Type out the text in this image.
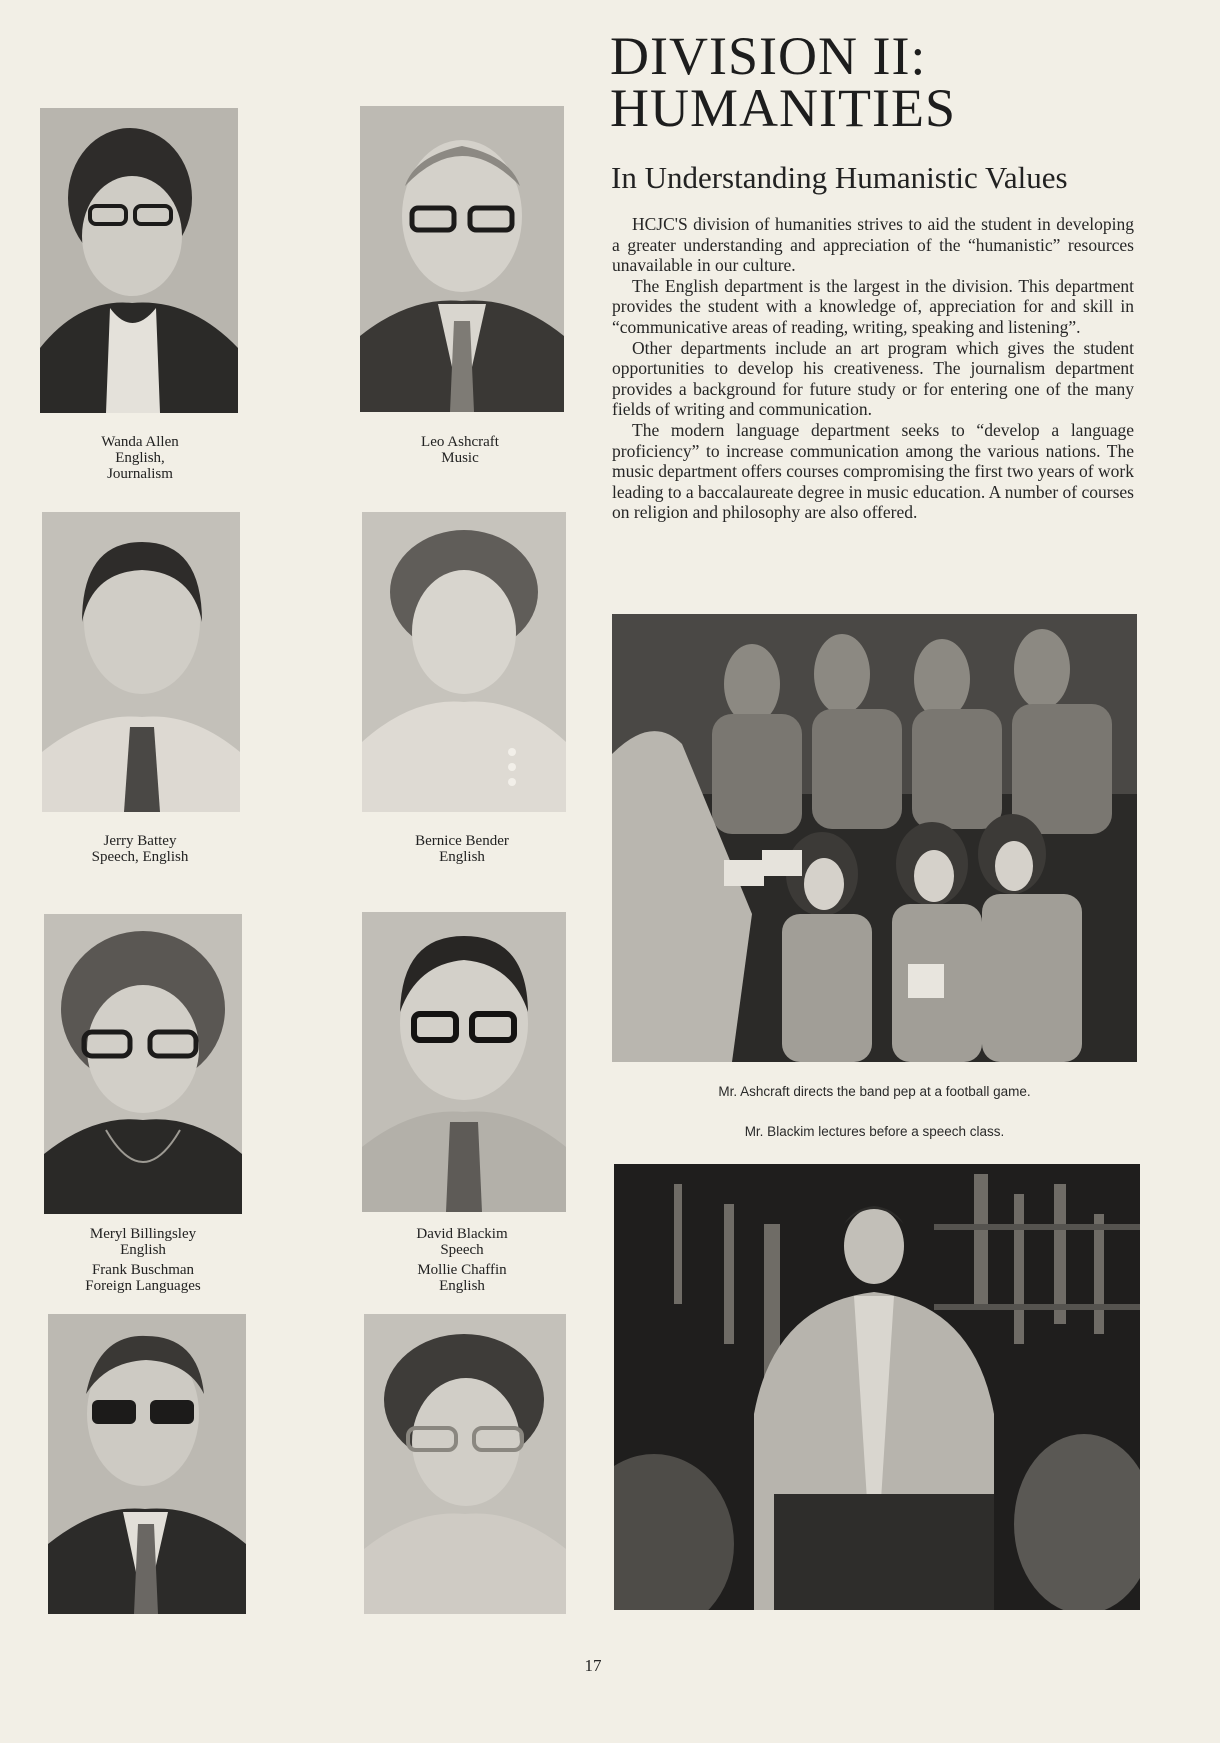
DIVISION II:
HUMANITIES
In Understanding Humanistic Values

HCJC'S division of humanities strives to aid the student in developing a greater understanding and appreciation of the “humanistic” resources unavailable in our culture.

The English department is the largest in the division. This department provides the student with a knowledge of, appreciation for and skill in “communicative areas of reading, writing, speaking and listening”.

Other departments include an art program which gives the student opportunities to develop his creativeness. The journalism department provides a background for future study or for entering one of the many fields of writing and communication.

The modern language department seeks to “develop a language proficiency” to increase communication among the various nations. The music department offers courses compromising the first two years of work leading to a baccalaureate degree in music education. A number of courses on religion and philosophy are also offered.

Wanda Allen
English,
Journalism
Leo Ashcraft
Music
Jerry Battey
Speech, English
Bernice Bender
English
Meryl Billingsley
English
Frank Buschman
Foreign Languages
David Blackim
Speech
Mollie Chaffin
English
Mr. Ashcraft directs the band pep at a football game.
Mr. Blackim lectures before a speech class.
17
